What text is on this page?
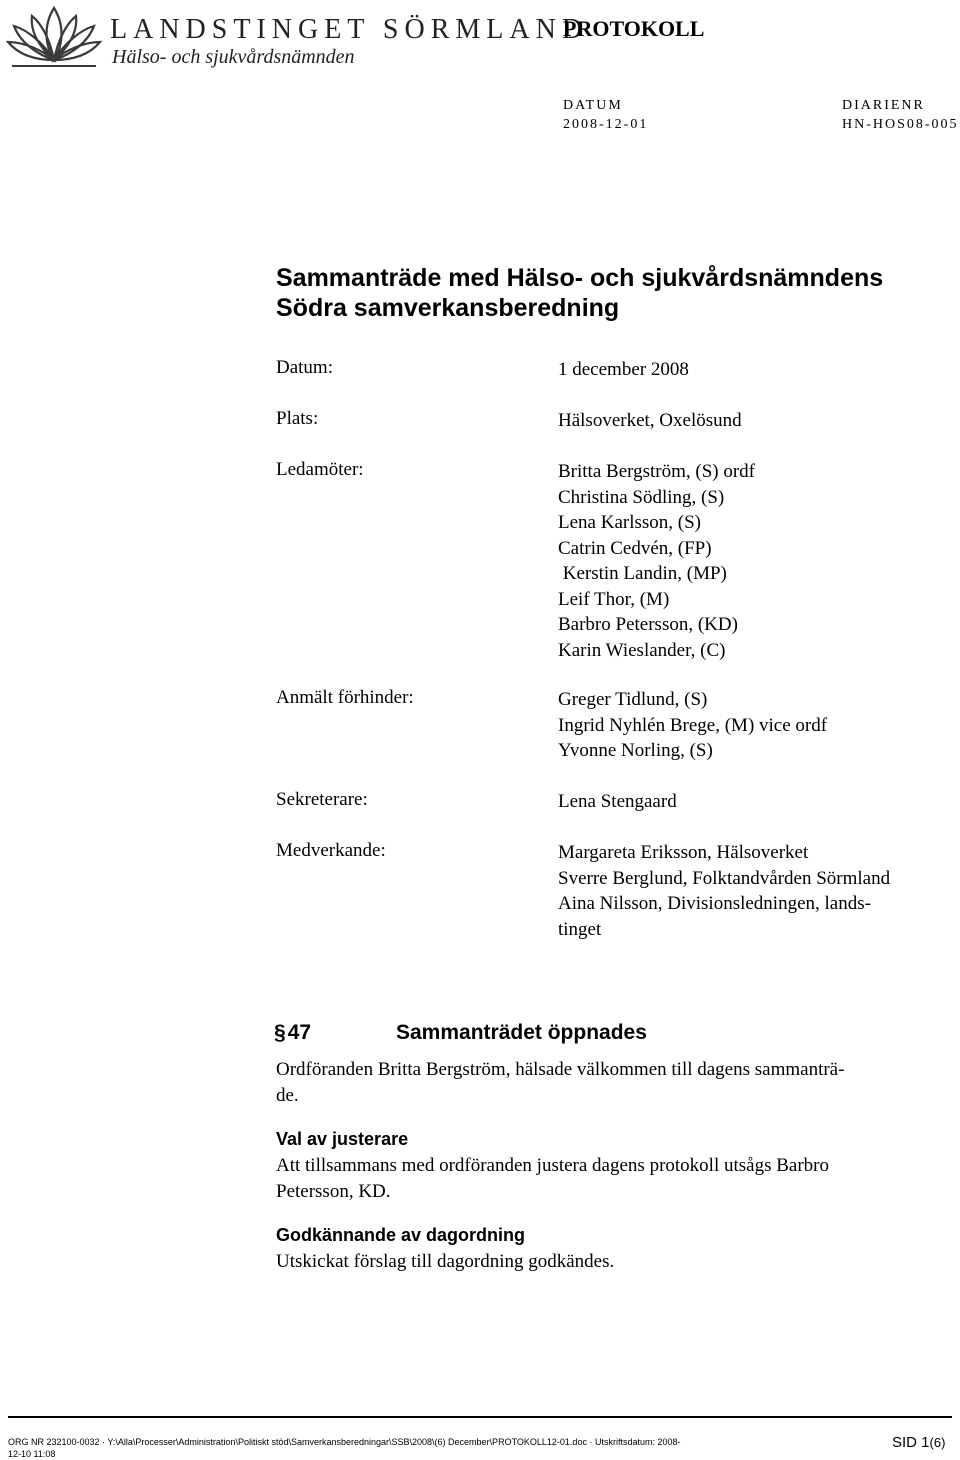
LANDSTINGET SÖRMLAND
Hälso- och sjukvårdsnämnden
PROTOKOLL
DATUM
2008-12-01
DIARIENR
HN-HOS08-005
Sammanträde med Hälso- och sjukvårdsnämndens
Södra samverkansberedning
Datum:	1 december 2008
Plats:	Hälsoverket, Oxelösund
Ledamöter:	Britta Bergström, (S) ordf
Christina Södling, (S)
Lena Karlsson, (S)
Catrin Cedvén, (FP)
Kerstin Landin, (MP)
Leif Thor, (M)
Barbro Petersson, (KD)
Karin Wieslander, (C)
Anmält förhinder:	Greger Tidlund, (S)
Ingrid Nyhlén Brege, (M) vice ordf
Yvonne Norling, (S)
Sekreterare:	Lena Stengaard
Medverkande:	Margareta Eriksson, Hälsoverket
Sverre Berglund, Folktandvården Sörmland
Aina Nilsson, Divisionsledningen, lands-
tinget
§47	Sammanträdet öppnades
Ordföranden Britta Bergström, hälsade välkommen till dagens sammanträ-
de.
Val av justerare
Att tillsammans med ordföranden justera dagens protokoll utsågs Barbro
Petersson, KD.
Godkännande av dagordning
Utskickat förslag till dagordning godkändes.
ORG NR 232100-0032 · Y:\Alla\Processer\Administration\Politiskt stöd\Samverkansberedningar\SSB\2008\(6) December\PROTOKOLL12-01.doc · Utskriftsdatum: 2008-
12-10 11:08
SID 1(6)
